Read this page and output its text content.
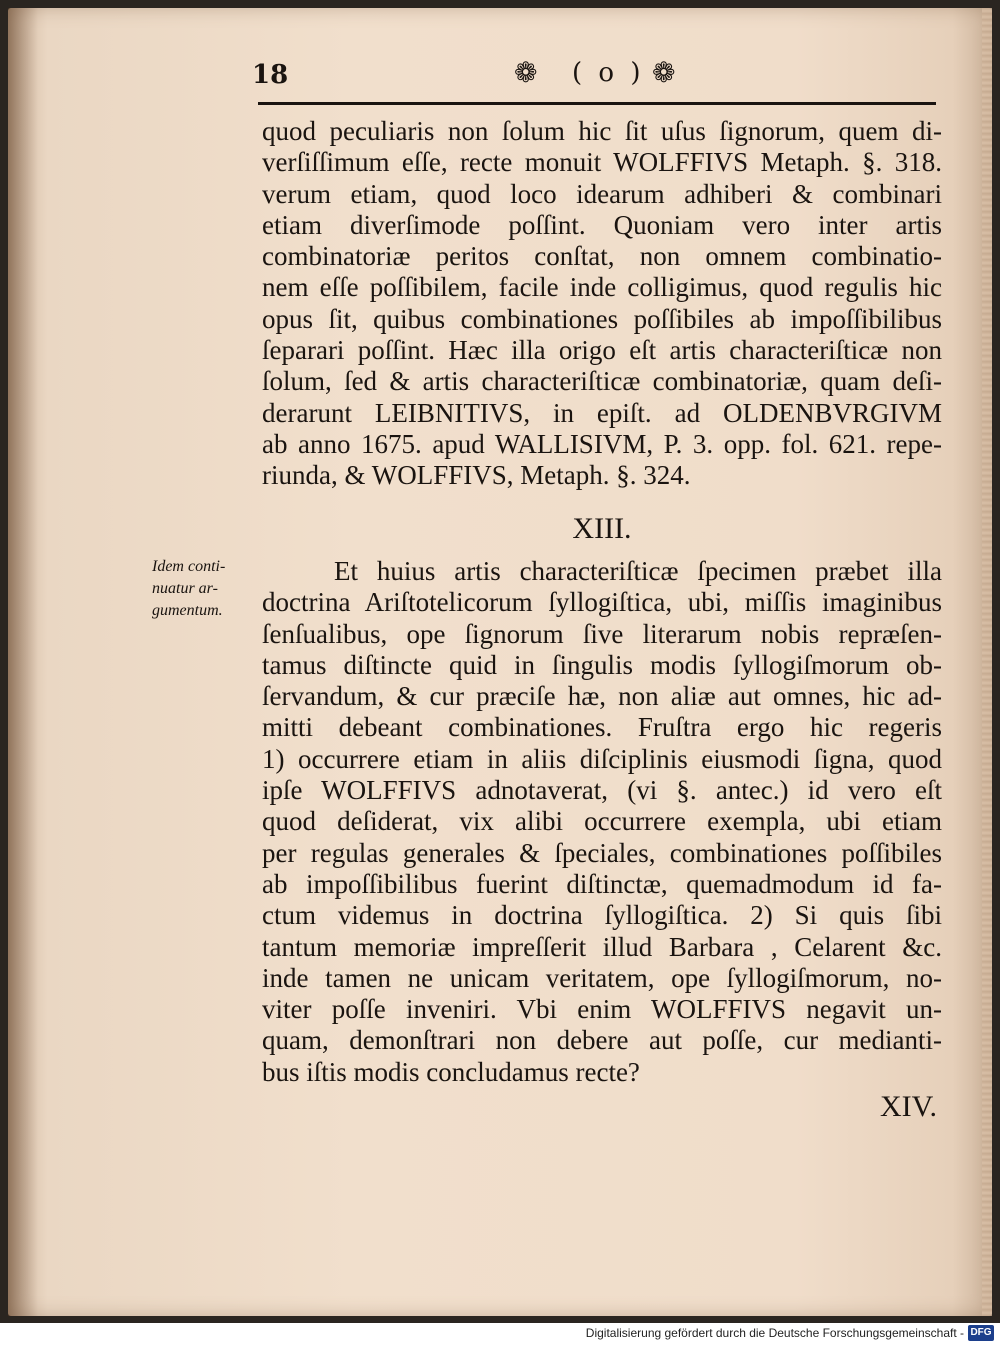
18	❁ ( o ) ❁
quod peculiaris non ſolum hic ſit uſus ſignorum, quem di-
verſiſſimum eſſe, recte monuit WOLFFIVS Metaph. §. 318.
verum etiam, quod loco idearum adhiberi & combinari
etiam diverſimode poſſint. Quoniam vero inter artis
combinatoriæ peritos conſtat, non omnem combinatio-
nem eſſe poſſibilem, facile inde colligimus, quod regulis hic
opus ſit, quibus combinationes poſſibiles ab impoſſibilibus
ſeparari poſſint. Hæc illa origo eſt artis characteriſticæ non
ſolum, ſed & artis characteriſticæ combinatoriæ, quam deſi-
derarunt LEIBNITIVS, in epiſt. ad OLDENBVRGIVM
ab anno 1675. apud WALLISIVM, P. 3. opp. fol. 621. repe-
riunda, & WOLFFIVS, Metaph. §. 324.
XIII.
Idem conti-nuatur ar-gumentum.
Et huius artis characteriſticæ ſpecimen præbet illa
doctrina Ariſtotelicorum ſyllogiſtica, ubi, miſſis imaginibus
ſenſualibus, ope ſignorum ſive literarum nobis repræſen-
tamus diſtincte quid in ſingulis modis ſyllogiſmorum ob-
ſervandum, & cur præciſe hæ, non aliæ aut omnes, hic ad-
mitti debeant combinationes. Fruſtra ergo hic regeris
1) occurrere etiam in aliis diſciplinis eiusmodi ſigna, quod
ipſe WOLFFIVS adnotaverat, (vi §. antec.) id vero eſt
quod deſiderat, vix alibi occurrere exempla, ubi etiam
per regulas generales & ſpeciales, combinationes poſſibiles
ab impoſſibilibus fuerint diſtinctæ, quemadmodum id fa-
ctum videmus in doctrina ſyllogiſtica. 2) Si quis ſibi
tantum memoriæ impreſſerit illud Barbara , Celarent &c.
inde tamen ne unicam veritatem, ope ſyllogiſmorum, no-
viter poſſe inveniri. Vbi enim WOLFFIVS negavit un-
quam, demonſtrari non debere aut poſſe, cur medianti-
bus iſtis modis concludamus recte?
XIV.
Digitalisierung gefördert durch die Deutsche Forschungsgemeinschaft - DFG
